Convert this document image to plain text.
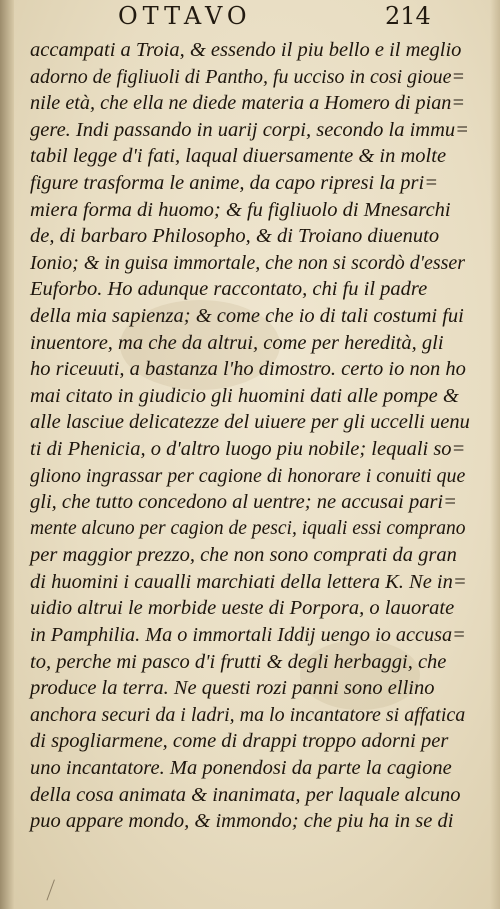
OTTAVO	214
accampati a Troia, & essendo il piu bello e il meglio
adorno de figliuoli di Pantho, fu ucciso in cosi gioue=
nile età, che ella ne diede materia a Homero di pian=
gere. Indi passando in uarij corpi, secondo la immu=
tabil legge d'i fati, laqual diuersamente & in molte
figure trasforma le anime, da capo ripresi la pri=
miera forma di huomo; & fu figliuolo di Mnesarchi
de, di barbaro Philosopho, & di Troiano diuenuto
Ionio; & in guisa immortale, che non si scordò d'esser
Euforbo. Ho adunque raccontato, chi fu il padre
della mia sapienza; & come che io di tali costumi fui
inuentore, ma che da altrui, come per heredità, gli
ho riceuuti, a bastanza l'ho dimostro. certo io non ho
mai citato in giudicio gli huomini dati alle pompe &
alle lasciue delicatezze del uiuere per gli uccelli uenu
ti di Phenicia, o d'altro luogo piu nobile; lequali so=
gliono ingrassar per cagione di honorare i conuiti que
gli, che tutto concedono al uentre; ne accusai pari=
mente alcuno per cagion de pesci, iquali essi comprano
per maggior prezzo, che non sono comprati da gran
di huomini i caualli marchiati della lettera K. Ne in=
uidio altrui le morbide ueste di Porpora, o lauorate
in Pamphilia. Ma o immortali Iddij uengo io accusa=
to, perche mi pasco d'i frutti & degli herbaggi, che
produce la terra. Ne questi rozi panni sono ellino
anchora securi da i ladri, ma lo incantatore si affatica
di spogliarmene, come di drappi troppo adorni per
uno incantatore. Ma ponendosi da parte la cagione
della cosa animata & inanimata, per laquale alcuno
puo appare mondo, & immondo; che piu ha in se di
